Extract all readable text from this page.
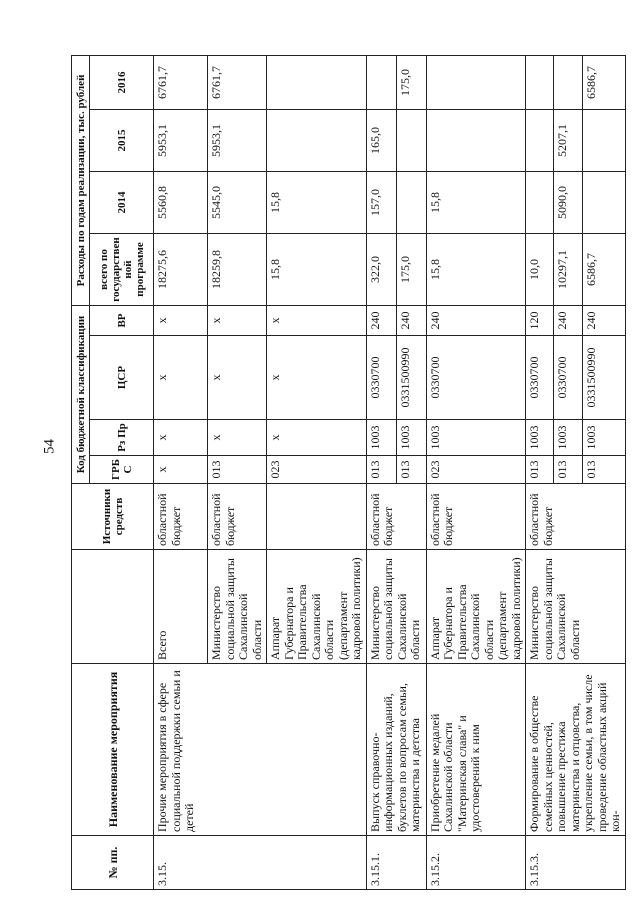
54
№ пп.	Наименование мероприятия		Источники средств	Код бюджетной классификации				Расходы по годам реализации, тыс. рублей			
				ГРБ С	Рз Пр	ЦСР	ВР	всего по государственной программе	2014	2015	2016
3.15.	Прочие мероприятия в сфере социальной поддержки семьи и детей	Всего	областной бюджет	х	х	х	х	18275,6	5560,8	5953,1	6761,7
		Министерство социальной защиты Сахалинской области	областной бюджет	013	х	х	х	18259,8	5545,0	5953,1	6761,7
		Аппарат Губернатора и Правительства Сахалинской области (департамент кадровой политики)		023	х	х	х	15,8	15,8		
3.15.1.	Выпуск справочно-информационных изданий, буклетов по вопросам семьи, материнства и детства	Министерство социальной защиты Сахалинской области	областной бюджет	013	1003	0330700	240	322,0	157,0	165,0	
				013	1003	0331500990	240	175,0			175,0
3.15.2.	Приобретение медалей Сахалинской области "Материнская слава" и удостоверений к ним	Аппарат Губернатора и Правительства Сахалинской области (департамент кадровой политики)	областной бюджет	023	1003	0330700	240	15,8	15,8		
3.15.3.	Формирование в обществе семейных ценностей, повышение престижа материнства и отцовства, укрепление семьи, в том числе проведение областных акций кон-	Министерство социальной защиты Сахалинской области	областной бюджет	013	1003	0330700	120	10,0			
				013	1003	0330700	240	10297,1	5090,0	5207,1	
				013	1003	0331500990	240	6586,7			6586,7
